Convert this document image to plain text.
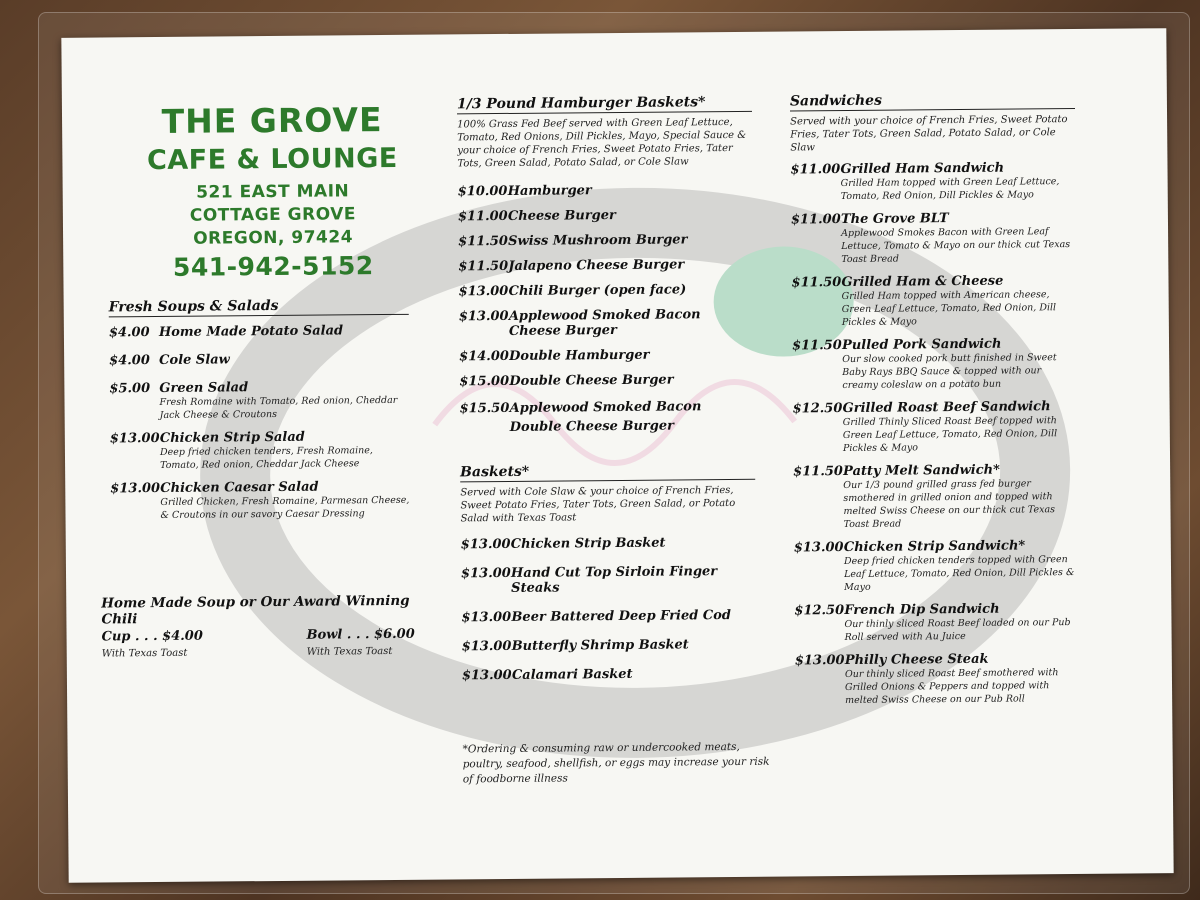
THE GROVE
CAFE & LOUNGE
521 EAST MAIN
COTTAGE GROVE
OREGON, 97424
541-942-5152
Fresh Soups & Salads
$4.00 Home Made Potato Salad
$4.00 Cole Slaw
$5.00 Green Salad
Fresh Romaine with Tomato, Red onion, Cheddar Jack Cheese & Croutons
$13.00 Chicken Strip Salad
Deep fried chicken tenders, Fresh Romaine, Tomato, Red onion, Cheddar Jack Cheese
$13.00 Chicken Caesar Salad
Grilled Chicken, Fresh Romaine, Parmesan Cheese, & Croutons in our savory Caesar Dressing
Home Made Soup or Our Award Winning Chili
Cup . . . $4.00
With Texas Toast
Bowl . . . $6.00
With Texas Toast
1/3 Pound Hamburger Baskets*
100% Grass Fed Beef served with Green Leaf Lettuce, Tomato, Red Onions, Dill Pickles, Mayo, Special Sauce & your choice of French Fries, Sweet Potato Fries, Tater Tots, Green Salad, Potato Salad, or Cole Slaw
$10.00 Hamburger
$11.00 Cheese Burger
$11.50 Swiss Mushroom Burger
$11.50 Jalapeno Cheese Burger
$13.00 Chili Burger (open face)
$13.00 Applewood Smoked Bacon Cheese Burger
$14.00 Double Hamburger
$15.00 Double Cheese Burger
$15.50 Applewood Smoked Bacon Double Cheese Burger
Baskets*
Served with Cole Slaw & your choice of French Fries, Sweet Potato Fries, Tater Tots, Green Salad, or Potato Salad with Texas Toast
$13.00 Chicken Strip Basket
$13.00 Hand Cut Top Sirloin Finger Steaks
$13.00 Beer Battered Deep Fried Cod
$13.00 Butterfly Shrimp Basket
$13.00 Calamari Basket
*Ordering & consuming raw or undercooked meats, poultry, seafood, shellfish, or eggs may increase your risk of foodborne illness
Sandwiches
Served with your choice of French Fries, Sweet Potato Fries, Tater Tots, Green Salad, Potato Salad, or Cole Slaw
$11.00 Grilled Ham Sandwich
Grilled Ham topped with Green Leaf Lettuce, Tomato, Red Onion, Dill Pickles & Mayo
$11.00 The Grove BLT
Applewood Smokes Bacon with Green Leaf Lettuce, Tomato & Mayo on our thick cut Texas Toast Bread
$11.50 Grilled Ham & Cheese
Grilled Ham topped with American cheese, Green Leaf Lettuce, Tomato, Red Onion, Dill Pickles & Mayo
$11.50 Pulled Pork Sandwich
Our slow cooked pork butt finished in Sweet Baby Rays BBQ Sauce & topped with our creamy coleslaw on a potato bun
$12.50 Grilled Roast Beef Sandwich
Grilled Thinly Sliced Roast Beef topped with Green Leaf Lettuce, Tomato, Red Onion, Dill Pickles & Mayo
$11.50 Patty Melt Sandwich*
Our 1/3 pound grilled grass fed burger smothered in grilled onion and topped with melted Swiss Cheese on our thick cut Texas Toast Bread
$13.00 Chicken Strip Sandwich*
Deep fried chicken tenders topped with Green Leaf Lettuce, Tomato, Red Onion, Dill Pickles & Mayo
$12.50 French Dip Sandwich
Our thinly sliced Roast Beef loaded on our Pub Roll served with Au Juice
$13.00 Philly Cheese Steak
Our thinly sliced Roast Beef smothered with Grilled Onions & Peppers and topped with melted Swiss Cheese on our Pub Roll
